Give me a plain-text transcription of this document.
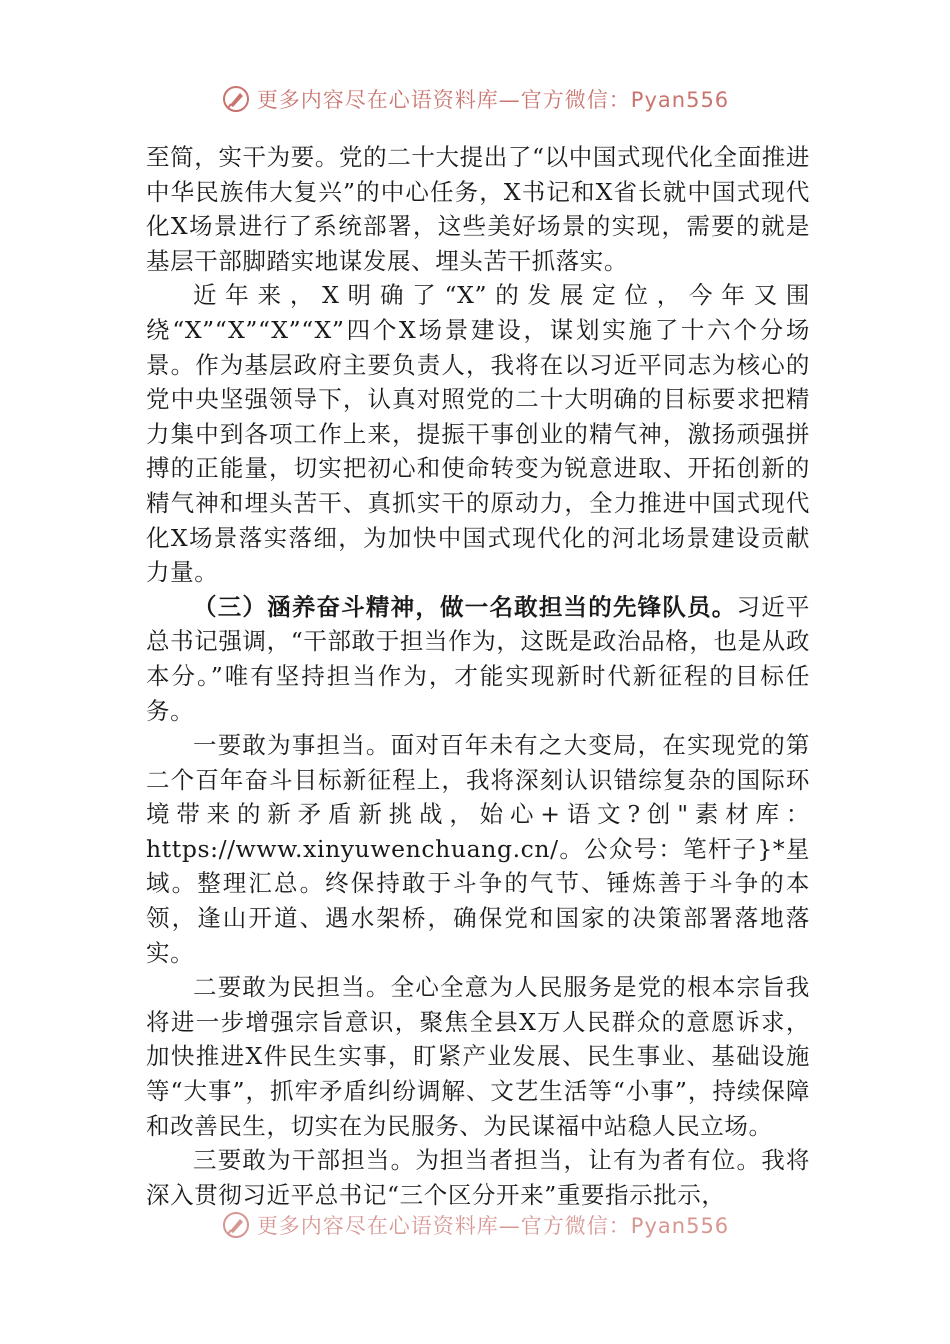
更多内容尽在心语资料库—官方微信：Pyan556

至简，实干为要。党的二十大提出了“以中国式现代化全面推进中华民族伟大复兴”的中心任务，X书记和X省长就中国式现代化X场景进行了系统部署，这些美好场景的实现，需要的就是基层干部脚踏实地谋发展、埋头苦干抓落实。

近年来，X明确了“X”的发展定位，今年又围绕“X”“X”“X”“X”四个X场景建设，谋划实施了十六个分场景。作为基层政府主要负责人，我将在以习近平同志为核心的党中央坚强领导下，认真对照党的二十大明确的目标要求把精力集中到各项工作上来，提振干事创业的精气神，激扬顽强拼搏的正能量，切实把初心和使命转变为锐意进取、开拓创新的精气神和埋头苦干、真抓实干的原动力，全力推进中国式现代化X场景落实落细，为加快中国式现代化的河北场景建设贡献力量。

（三）涵养奋斗精神，做一名敢担当的先锋队员。习近平总书记强调，“干部敢于担当作为，这既是政治品格，也是从政本分。”唯有坚持担当作为，才能实现新时代新征程的目标任务。

一要敢为事担当。面对百年未有之大变局，在实现党的第二个百年奋斗目标新征程上，我将深刻认识错综复杂的国际环境带来的新矛盾新挑战，始心+语文?创"素材库：https://www.xinyuwenchuang.cn/。公众号：笔杆子}*星域。整理汇总。终保持敢于斗争的气节、锤炼善于斗争的本领，逢山开道、遇水架桥，确保党和国家的决策部署落地落实。

二要敢为民担当。全心全意为人民服务是党的根本宗旨我将进一步增强宗旨意识，聚焦全县X万人民群众的意愿诉求，加快推进X件民生实事，盯紧产业发展、民生事业、基础设施等“大事”，抓牢矛盾纠纷调解、文艺生活等“小事”，持续保障和改善民生，切实在为民服务、为民谋福中站稳人民立场。

三要敢为干部担当。为担当者担当，让有为者有位。我将深入贯彻习近平总书记“三个区分开来”重要指示批示，

更多内容尽在心语资料库—官方微信：Pyan556
